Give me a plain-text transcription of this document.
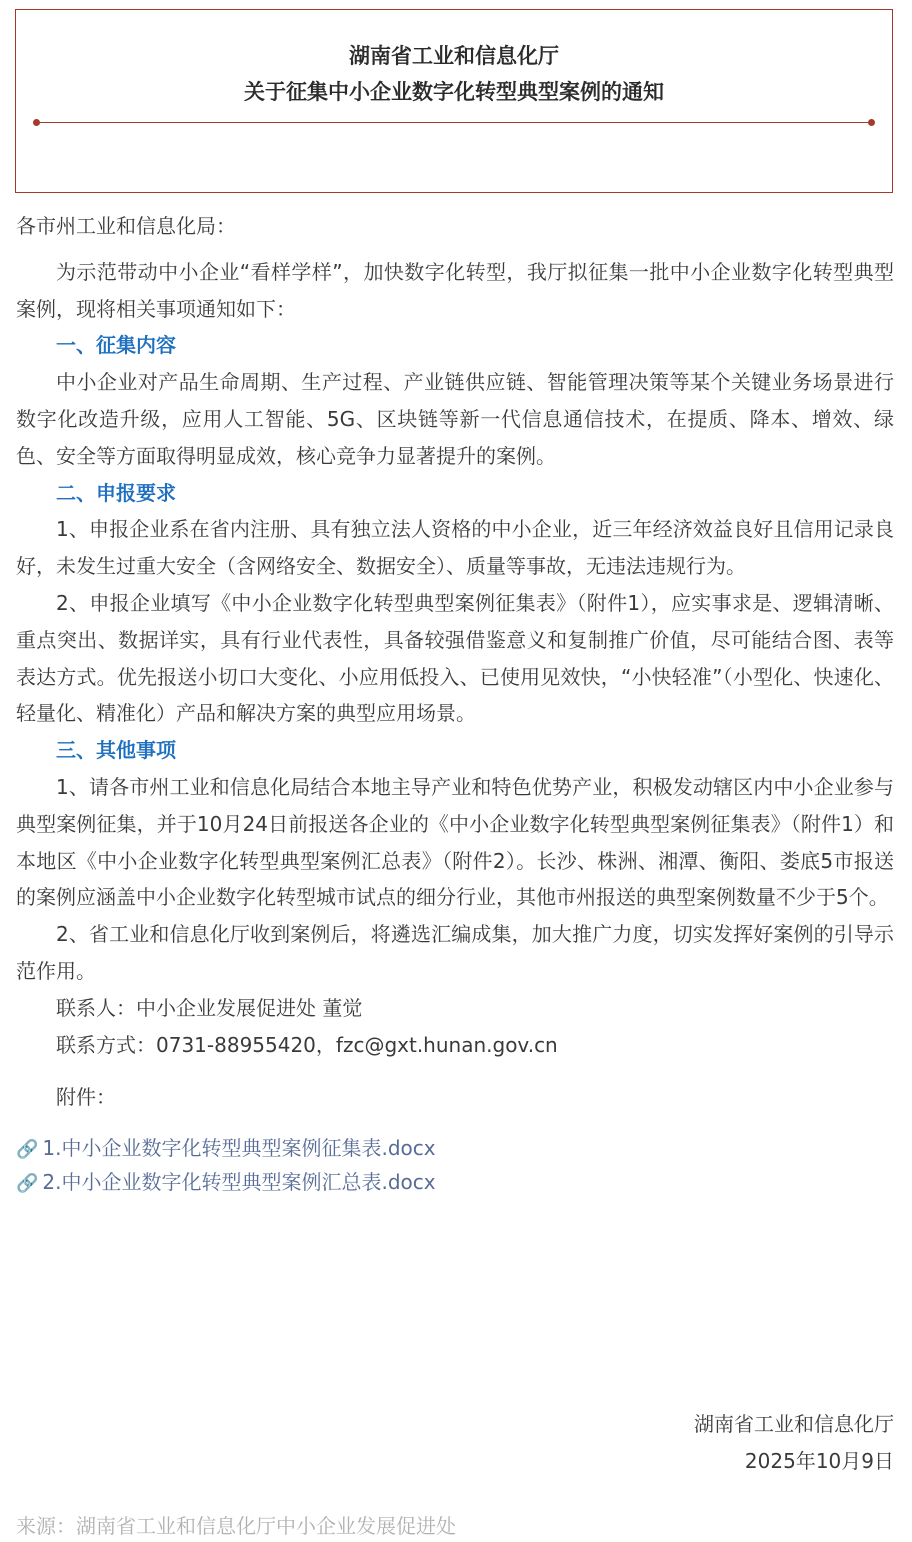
湖南省工业和信息化厅
关于征集中小企业数字化转型典型案例的通知

各市州工业和信息化局：

为示范带动中小企业“看样学样”，加快数字化转型，我厅拟征集一批中小企业数字化转型典型案例，现将相关事项通知如下：

一、征集内容

中小企业对产品生命周期、生产过程、产业链供应链、智能管理决策等某个关键业务场景进行数字化改造升级，应用人工智能、5G、区块链等新一代信息通信技术，在提质、降本、增效、绿色、安全等方面取得明显成效，核心竞争力显著提升的案例。

二、申报要求

1、申报企业系在省内注册、具有独立法人资格的中小企业，近三年经济效益良好且信用记录良好，未发生过重大安全（含网络安全、数据安全）、质量等事故，无违法违规行为。

2、申报企业填写《中小企业数字化转型典型案例征集表》（附件1），应实事求是、逻辑清晰、重点突出、数据详实，具有行业代表性，具备较强借鉴意义和复制推广价值，尽可能结合图、表等表达方式。优先报送小切口大变化、小应用低投入、已使用见效快，“小快轻准”（小型化、快速化、轻量化、精准化）产品和解决方案的典型应用场景。

三、其他事项

1、请各市州工业和信息化局结合本地主导产业和特色优势产业，积极发动辖区内中小企业参与典型案例征集，并于10月24日前报送各企业的《中小企业数字化转型典型案例征集表》（附件1）和本地区《中小企业数字化转型典型案例汇总表》（附件2）。长沙、株洲、湘潭、衡阳、娄底5市报送的案例应涵盖中小企业数字化转型城市试点的细分行业，其他市州报送的典型案例数量不少于5个。

2、省工业和信息化厅收到案例后，将遴选汇编成集，加大推广力度，切实发挥好案例的引导示范作用。

联系人：中小企业发展促进处 董觉

联系方式：0731-88955420，fzc@gxt.hunan.gov.cn

附件：

🔗 1.中小企业数字化转型典型案例征集表.docx

🔗 2.中小企业数字化转型典型案例汇总表.docx

湖南省工业和信息化厅
2025年10月9日
来源：湖南省工业和信息化厅中小企业发展促进处
